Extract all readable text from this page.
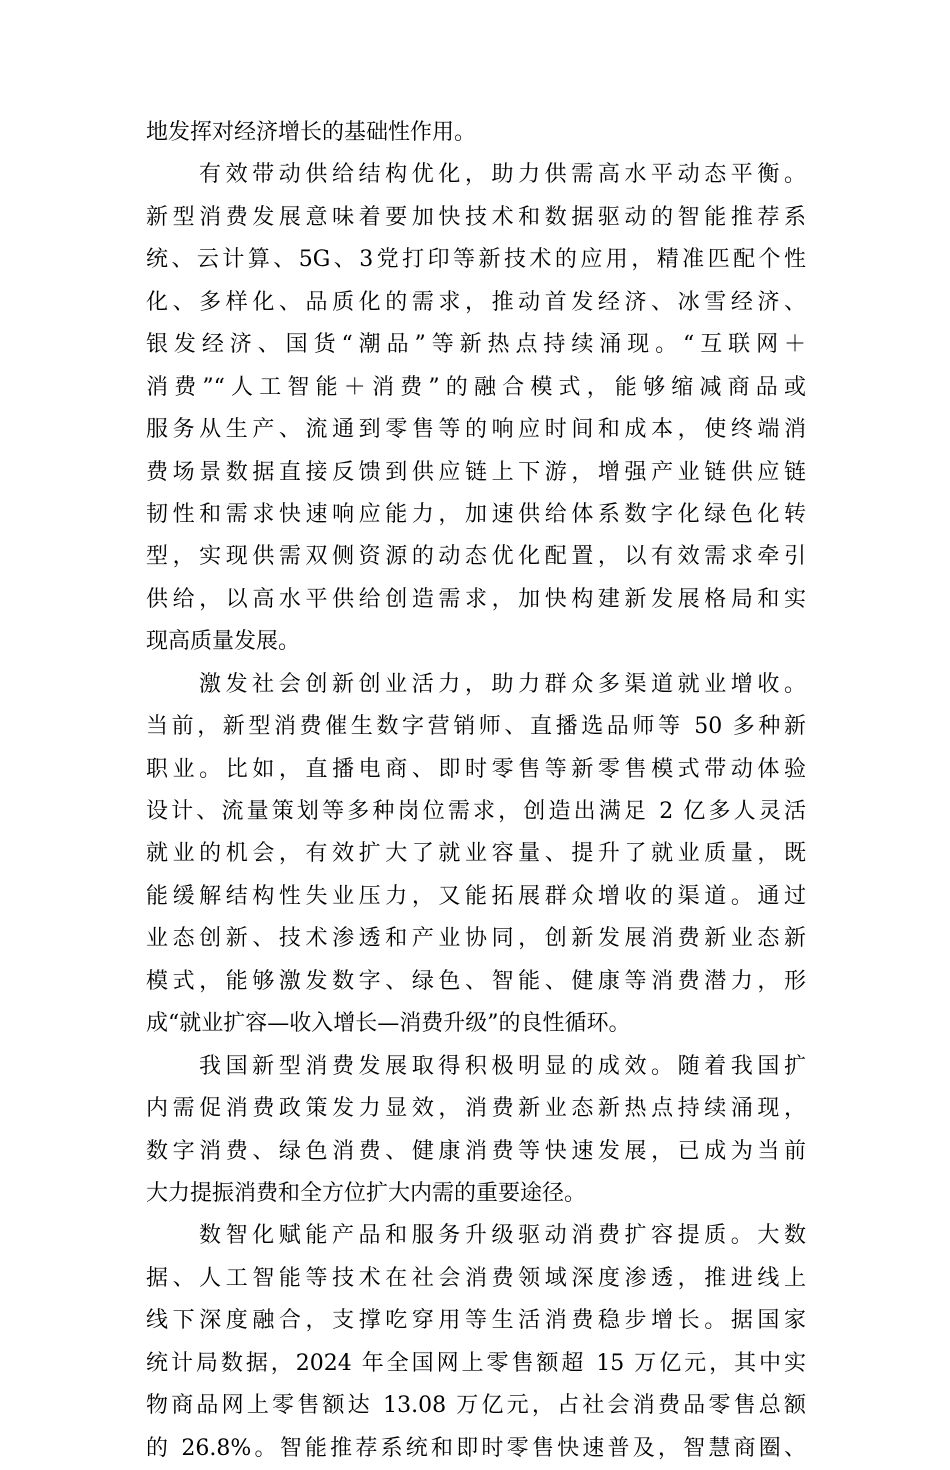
地发挥对经济增长的基础性作用。
有效带动供给结构优化，助力供需高水平动态平衡。
新型消费发展意味着要加快技术和数据驱动的智能推荐系
统、云计算、5G、3党打印等新技术的应用，精准匹配个性
化、多样化、品质化的需求，推动首发经济、冰雪经济、
银发经济、国货“潮品”等新热点持续涌现。“互联网＋
消费”“人工智能＋消费”的融合模式，能够缩减商品或
服务从生产、流通到零售等的响应时间和成本，使终端消
费场景数据直接反馈到供应链上下游，增强产业链供应链
韧性和需求快速响应能力，加速供给体系数字化绿色化转
型，实现供需双侧资源的动态优化配置，以有效需求牵引
供给，以高水平供给创造需求，加快构建新发展格局和实
现高质量发展。
激发社会创新创业活力，助力群众多渠道就业增收。
当前，新型消费催生数字营销师、直播选品师等 50 多种新
职业。比如，直播电商、即时零售等新零售模式带动体验
设计、流量策划等多种岗位需求，创造出满足 2 亿多人灵活
就业的机会，有效扩大了就业容量、提升了就业质量，既
能缓解结构性失业压力，又能拓展群众增收的渠道。通过
业态创新、技术渗透和产业协同，创新发展消费新业态新
模式，能够激发数字、绿色、智能、健康等消费潜力，形
成“就业扩容—收入增长—消费升级”的良性循环。
我国新型消费发展取得积极明显的成效。随着我国扩
内需促消费政策发力显效，消费新业态新热点持续涌现，
数字消费、绿色消费、健康消费等快速发展，已成为当前
大力提振消费和全方位扩大内需的重要途径。
数智化赋能产品和服务升级驱动消费扩容提质。大数
据、人工智能等技术在社会消费领域深度渗透，推进线上
线下深度融合，支撑吃穿用等生活消费稳步增长。据国家
统计局数据，2024 年全国网上零售额超 15 万亿元，其中实
物商品网上零售额达 13.08 万亿元，占社会消费品零售总额
的 26.8%。智能推荐系统和即时零售快速普及，智慧商圈、
